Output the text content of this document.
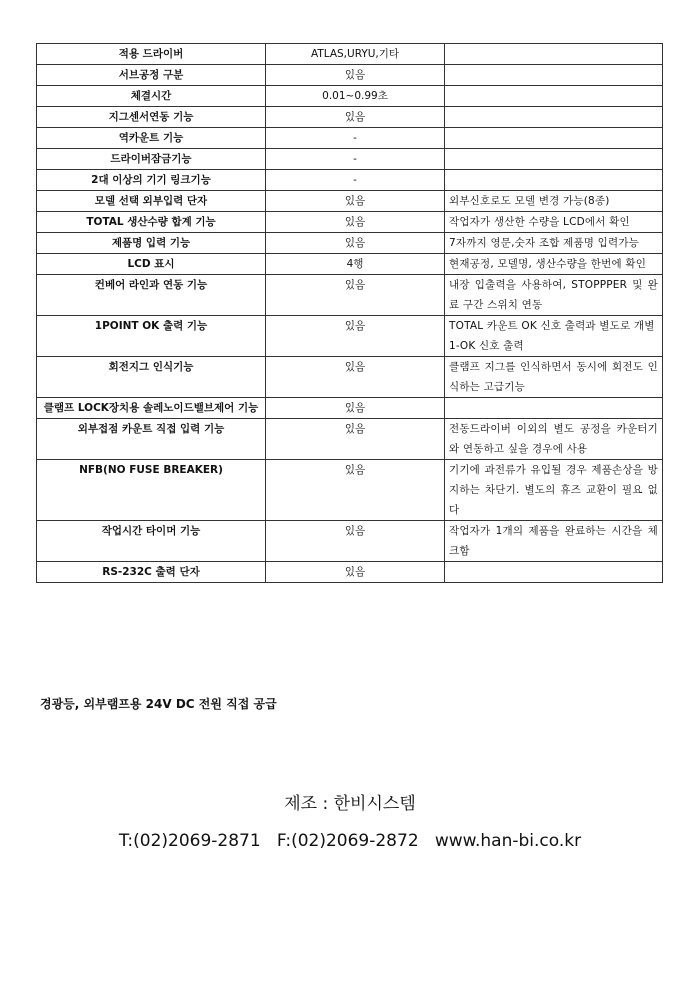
적용 드라이버	ATLAS,URYU,기타	
서브공정 구분	있음	
체결시간	0.01~0.99초	
지그센서연동 기능	있음	
역카운트 기능	-	
드라이버잠금기능	-	
2대 이상의 기기 링크기능	-	
모델 선택 외부입력 단자	있음	외부신호로도 모델 변경 가능(8종)
TOTAL 생산수량 합계 기능	있음	작업자가 생산한 수량을 LCD에서 확인
제품명 입력 기능	있음	7자까지 영문,숫자 조합 제품명 입력가능
LCD 표시	4행	현재공정, 모델명, 생산수량을 한번에 확인
컨베어 라인과 연동 기능	있음	내장 입출력을 사용하여, STOPPPER 및 완료 구간 스위치 연동
1POINT OK 출력 기능	있음	TOTAL 카운트 OK 신호 출력과 별도로 개별
1-OK 신호 출력
회전지그 인식기능	있음	클램프 지그를 인식하면서 동시에 회전도 인식하는 고급기능
클램프 LOCK장치용 솔레노이드밸브제어 기능	있음	
외부접점 카운트 직접 입력 기능	있음	전동드라이버 이외의 별도 공정을 카운터기와 연동하고 싶을 경우에 사용
NFB(NO FUSE BREAKER)	있음	기기에 과전류가 유입될 경우 제품손상을 방지하는 차단기. 별도의 휴즈 교환이 필요 없다
작업시간 타이머 기능	있음	작업자가 1개의 제품을 완료하는 시간을 체크함
RS-232C 출력 단자	있음	
경광등, 외부램프용 24V DC 전원 직접 공급
제조 : 한비시스템
T:(02)2069-2871   F:(02)2069-2872   www.han-bi.co.kr
